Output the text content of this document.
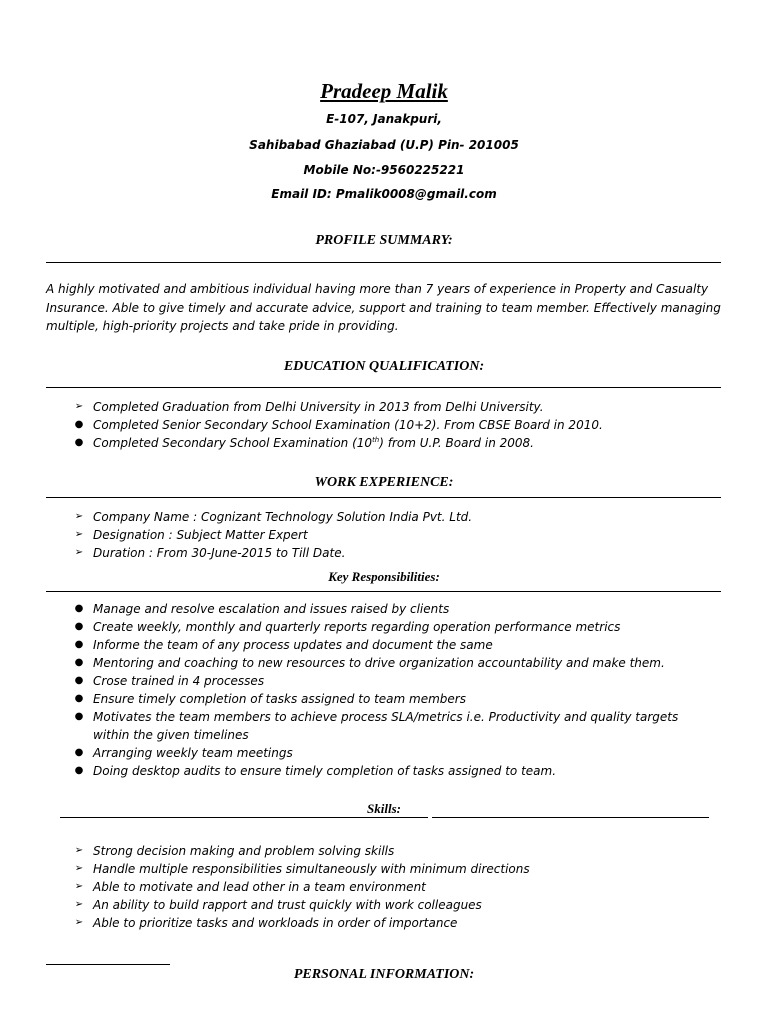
Pradeep Malik
E-107, Janakpuri,
Sahibabad Ghaziabad (U.P) Pin- 201005
Mobile No:-9560225221
Email ID: Pmalik0008@gmail.com
PROFILE SUMMARY:

A highly motivated and ambitious individual having more than 7 years of experience in Property and Casualty Insurance. Able to give timely and accurate advice, support and training to team member. Effectively managing multiple, high-priority projects and take pride in providing.

EDUCATION QUALIFICATION:
➢ Completed Graduation from Delhi University in 2013 from Delhi University.
● Completed Senior Secondary School Examination (10+2). From CBSE Board in 2010.
● Completed Secondary School Examination (10th) from U.P. Board in 2008.
WORK EXPERIENCE:
➢ Company Name : Cognizant Technology Solution India Pvt. Ltd.
➢ Designation : Subject Matter Expert
➢ Duration : From 30-June-2015 to Till Date.
Key Responsibilities:
● Manage and resolve escalation and issues raised by clients
● Create weekly, monthly and quarterly reports regarding operation performance metrics
● Informe the team of any process updates and document the same
● Mentoring and coaching to new resources to drive organization accountability and make them.
● Crose trained in 4 processes
● Ensure timely completion of tasks assigned to team members
● Motivates the team members to achieve process SLA/metrics i.e. Productivity and quality targets within the given timelines
● Arranging weekly team meetings
● Doing desktop audits to ensure timely completion of tasks assigned to team.
Skills:
➢ Strong decision making and problem solving skills
➢ Handle multiple responsibilities simultaneously with minimum directions
➢ Able to motivate and lead other in a team environment
➢ An ability to build rapport and trust quickly with work colleagues
➢ Able to prioritize tasks and workloads in order of importance
PERSONAL INFORMATION:
